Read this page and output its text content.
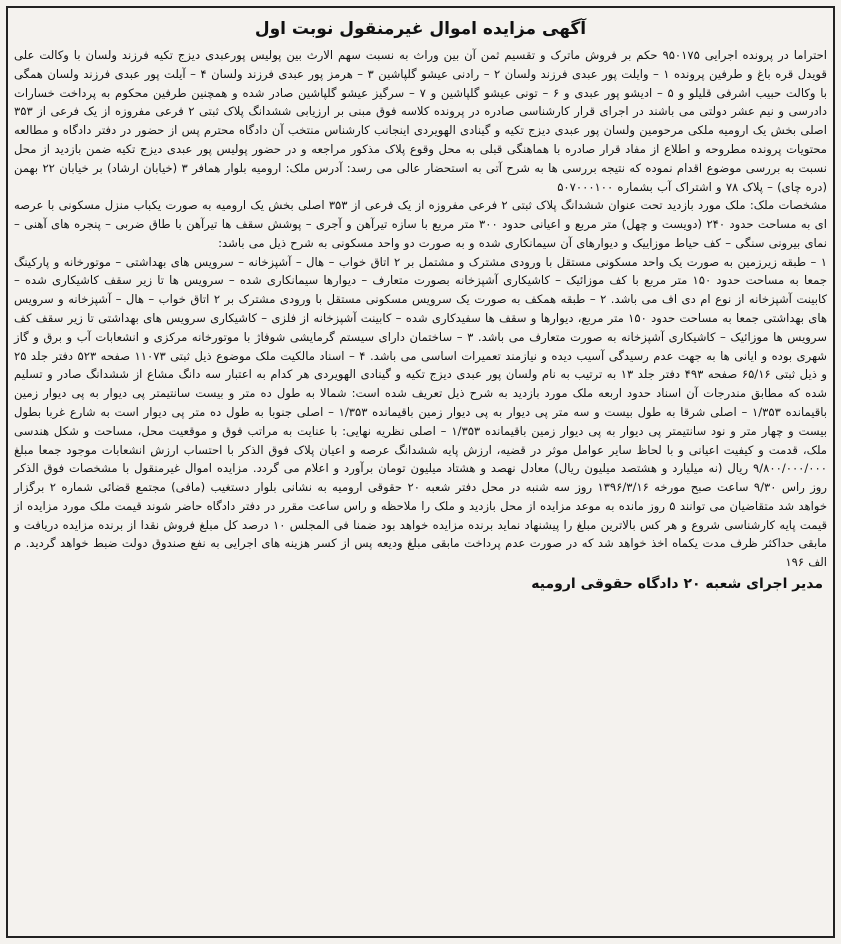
آگهی مزایده اموال غیرمنقول نوبت اول

احتراما در پرونده اجرایی ۹۵۰۱۷۵ حکم بر فروش ماترک و تقسیم ثمن آن بین وراث به نسبت سهم الارث بین پولیس پورعبدی دیزج تکیه فرزند ولسان با وکالت علی قویدل قره باغ و طرفین پرونده ۱ – وایلت پور عبدی فرزند ولسان ۲ – رادنی عیشو گلپاشین ۳ – هرمز پور عبدی فرزند ولسان ۴ – آیلت پور عبدی فرزند ولسان همگی با وکالت حبیب اشرفی قلیلو و ۵ – ادیشو پور عبدی و ۶ – تونی عیشو گلپاشین و ۷ – سرگیز عیشو گلپاشین صادر شده و همچنین طرفین محکوم به پرداخت خسارات دادرسی و نیم عشر دولتی می باشند در اجرای قرار کارشناسی صادره در پرونده کلاسه فوق مبنی بر ارزیابی ششدانگ پلاک ثبتی ۲ فرعی مفروزه از یک فرعی از ۳۵۳ اصلی بخش یک ارومیه ملکی مرحومین ولسان پور عبدی دیزج تکیه و گینادی الهویردی اینجانب کارشناس منتخب آن دادگاه محترم پس از حضور در دفتر دادگاه و مطالعه محتویات پرونده مطروحه و اطلاع از مفاد قرار صادره با هماهنگی قبلی به محل وقوع پلاک مذکور مراجعه و در حضور پولیس پور عبدی دیزج تکیه ضمن بازدید از محل نسبت به بررسی موضوع اقدام نموده که نتیجه بررسی ها به شرح آتی به استحضار عالی می رسد: آدرس ملک: ارومیه بلوار همافر ۳ (خیابان ارشاد) بر خیابان ۲۲ بهمن (دره چای) – پلاک ۷۸ و اشتراک آب بشماره ۵۰۷۰۰۰۱۰۰

مشخصات ملک: ملک مورد بازدید تحت عنوان ششدانگ پلاک ثبتی ۲ فرعی مفروزه از یک فرعی از ۳۵۳ اصلی بخش یک ارومیه به صورت یکباب منزل مسکونی با عرصه ای به مساحت حدود ۲۴۰ (دویست و چهل) متر مربع و اعیانی حدود ۳۰۰ متر مربع با سازه تیرآهن و آجری – پوشش سقف ها تیرآهن با طاق ضربی – پنجره های آهنی – نمای بیرونی سنگی – کف حیاط موزاییک و دیوارهای آن سیمانکاری شده و به صورت دو واحد مسکونی به شرح ذیل می باشد:

۱ – طبقه زیرزمین به صورت یک واحد مسکونی مستقل با ورودی مشترک و مشتمل بر ۲ اتاق خواب – هال – آشپزخانه – سرویس های بهداشتی – موتورخانه و پارکینگ جمعا به مساحت حدود ۱۵۰ متر مربع با کف موزائیک – کاشیکاری آشپزخانه بصورت متعارف – دیوارها سیمانکاری شده – سرویس ها تا زیر سقف کاشیکاری شده – کابینت آشپزخانه از نوع ام دی اف می باشد. ۲ – طبقه همکف به صورت یک سرویس مسکونی مستقل با ورودی مشترک بر ۲ اتاق خواب – هال – آشپزخانه و سرویس های بهداشتی جمعا به مساحت حدود ۱۵۰ متر مربع، دیوارها و سقف ها سفیدکاری شده – کابینت آشپزخانه از فلزی – کاشیکاری سرویس های بهداشتی تا زیر سقف کف سرویس ها موزائیک – کاشیکاری آشپزخانه به صورت متعارف می باشد. ۳ – ساختمان دارای سیستم گرمایشی شوفاژ با موتورخانه مرکزی و انشعابات آب و برق و گاز شهری بوده و ایانی ها به جهت عدم رسیدگی آسیب دیده و نیازمند تعمیرات اساسی می باشد. ۴ – اسناد مالکیت ملک موضوع ذیل ثبتی ۱۱۰۷۳ صفحه ۵۲۳ دفتر جلد ۲۵ و ذیل ثبتی ۶۵/۱۶ صفحه ۴۹۳ دفتر جلد ۱۳ به ترتیب به نام ولسان پور عبدی دیزج تکیه و گینادی الهویردی هر کدام به اعتبار سه دانگ مشاع از ششدانگ صادر و تسلیم شده که مطابق مندرجات آن اسناد حدود اربعه ملک مورد بازدید به شرح ذیل تعریف شده است: شمالا به طول ده متر و بیست سانتیمتر پی دیوار به پی دیوار زمین باقیمانده ۱/۳۵۳ – اصلی شرقا به طول بیست و سه متر پی دیوار به پی دیوار زمین باقیمانده ۱/۳۵۳ – اصلی جنوبا به طول ده متر پی دیوار است به شارع غربا بطول بیست و چهار متر و نود سانتیمتر پی دیوار به پی دیوار زمین باقیمانده ۱/۳۵۳ – اصلی نظریه نهایی: با عنایت به مراتب فوق و موقعیت محل، مساحت و شکل هندسی ملک، قدمت و کیفیت اعیانی و با لحاظ سایر عوامل موثر در قضیه، ارزش پایه ششدانگ عرصه و اعیان پلاک فوق الذکر با احتساب ارزش انشعابات موجود جمعا مبلغ ۹/۸۰۰/۰۰۰/۰۰۰ ریال (نه میلیارد و هشتصد میلیون ریال) معادل نهصد و هشتاد میلیون تومان برآورد و اعلام می گردد. مزایده اموال غیرمنقول با مشخصات فوق الذکر روز راس ۹/۳۰ ساعت صبح مورخه ۱۳۹۶/۳/۱۶ روز سه شنبه در محل دفتر شعبه ۲۰ حقوقی ارومیه به نشانی بلوار دستغیب (مافی) مجتمع قضائی شماره ۲ برگزار خواهد شد متقاضیان می توانند ۵ روز مانده به موعد مزایده از محل بازدید و ملک را ملاحظه و راس ساعت مقرر در دفتر دادگاه حاضر شوند قیمت ملک مورد مزایده از قیمت پایه کارشناسی شروع و هر کس بالاترین مبلغ را پیشنهاد نماید برنده مزایده خواهد بود ضمنا فی المجلس ۱۰ درصد کل مبلغ فروش نقدا از برنده مزایده دریافت و مابقی حداکثر ظرف مدت یکماه اخذ خواهد شد که در صورت عدم پرداخت مابقی مبلغ ودیعه پس از کسر هزینه های اجرایی به نفع صندوق دولت ضبط خواهد گردید. م الف ۱۹۶

مدیر اجرای شعبه ۲۰ دادگاه حقوقی ارومیه
